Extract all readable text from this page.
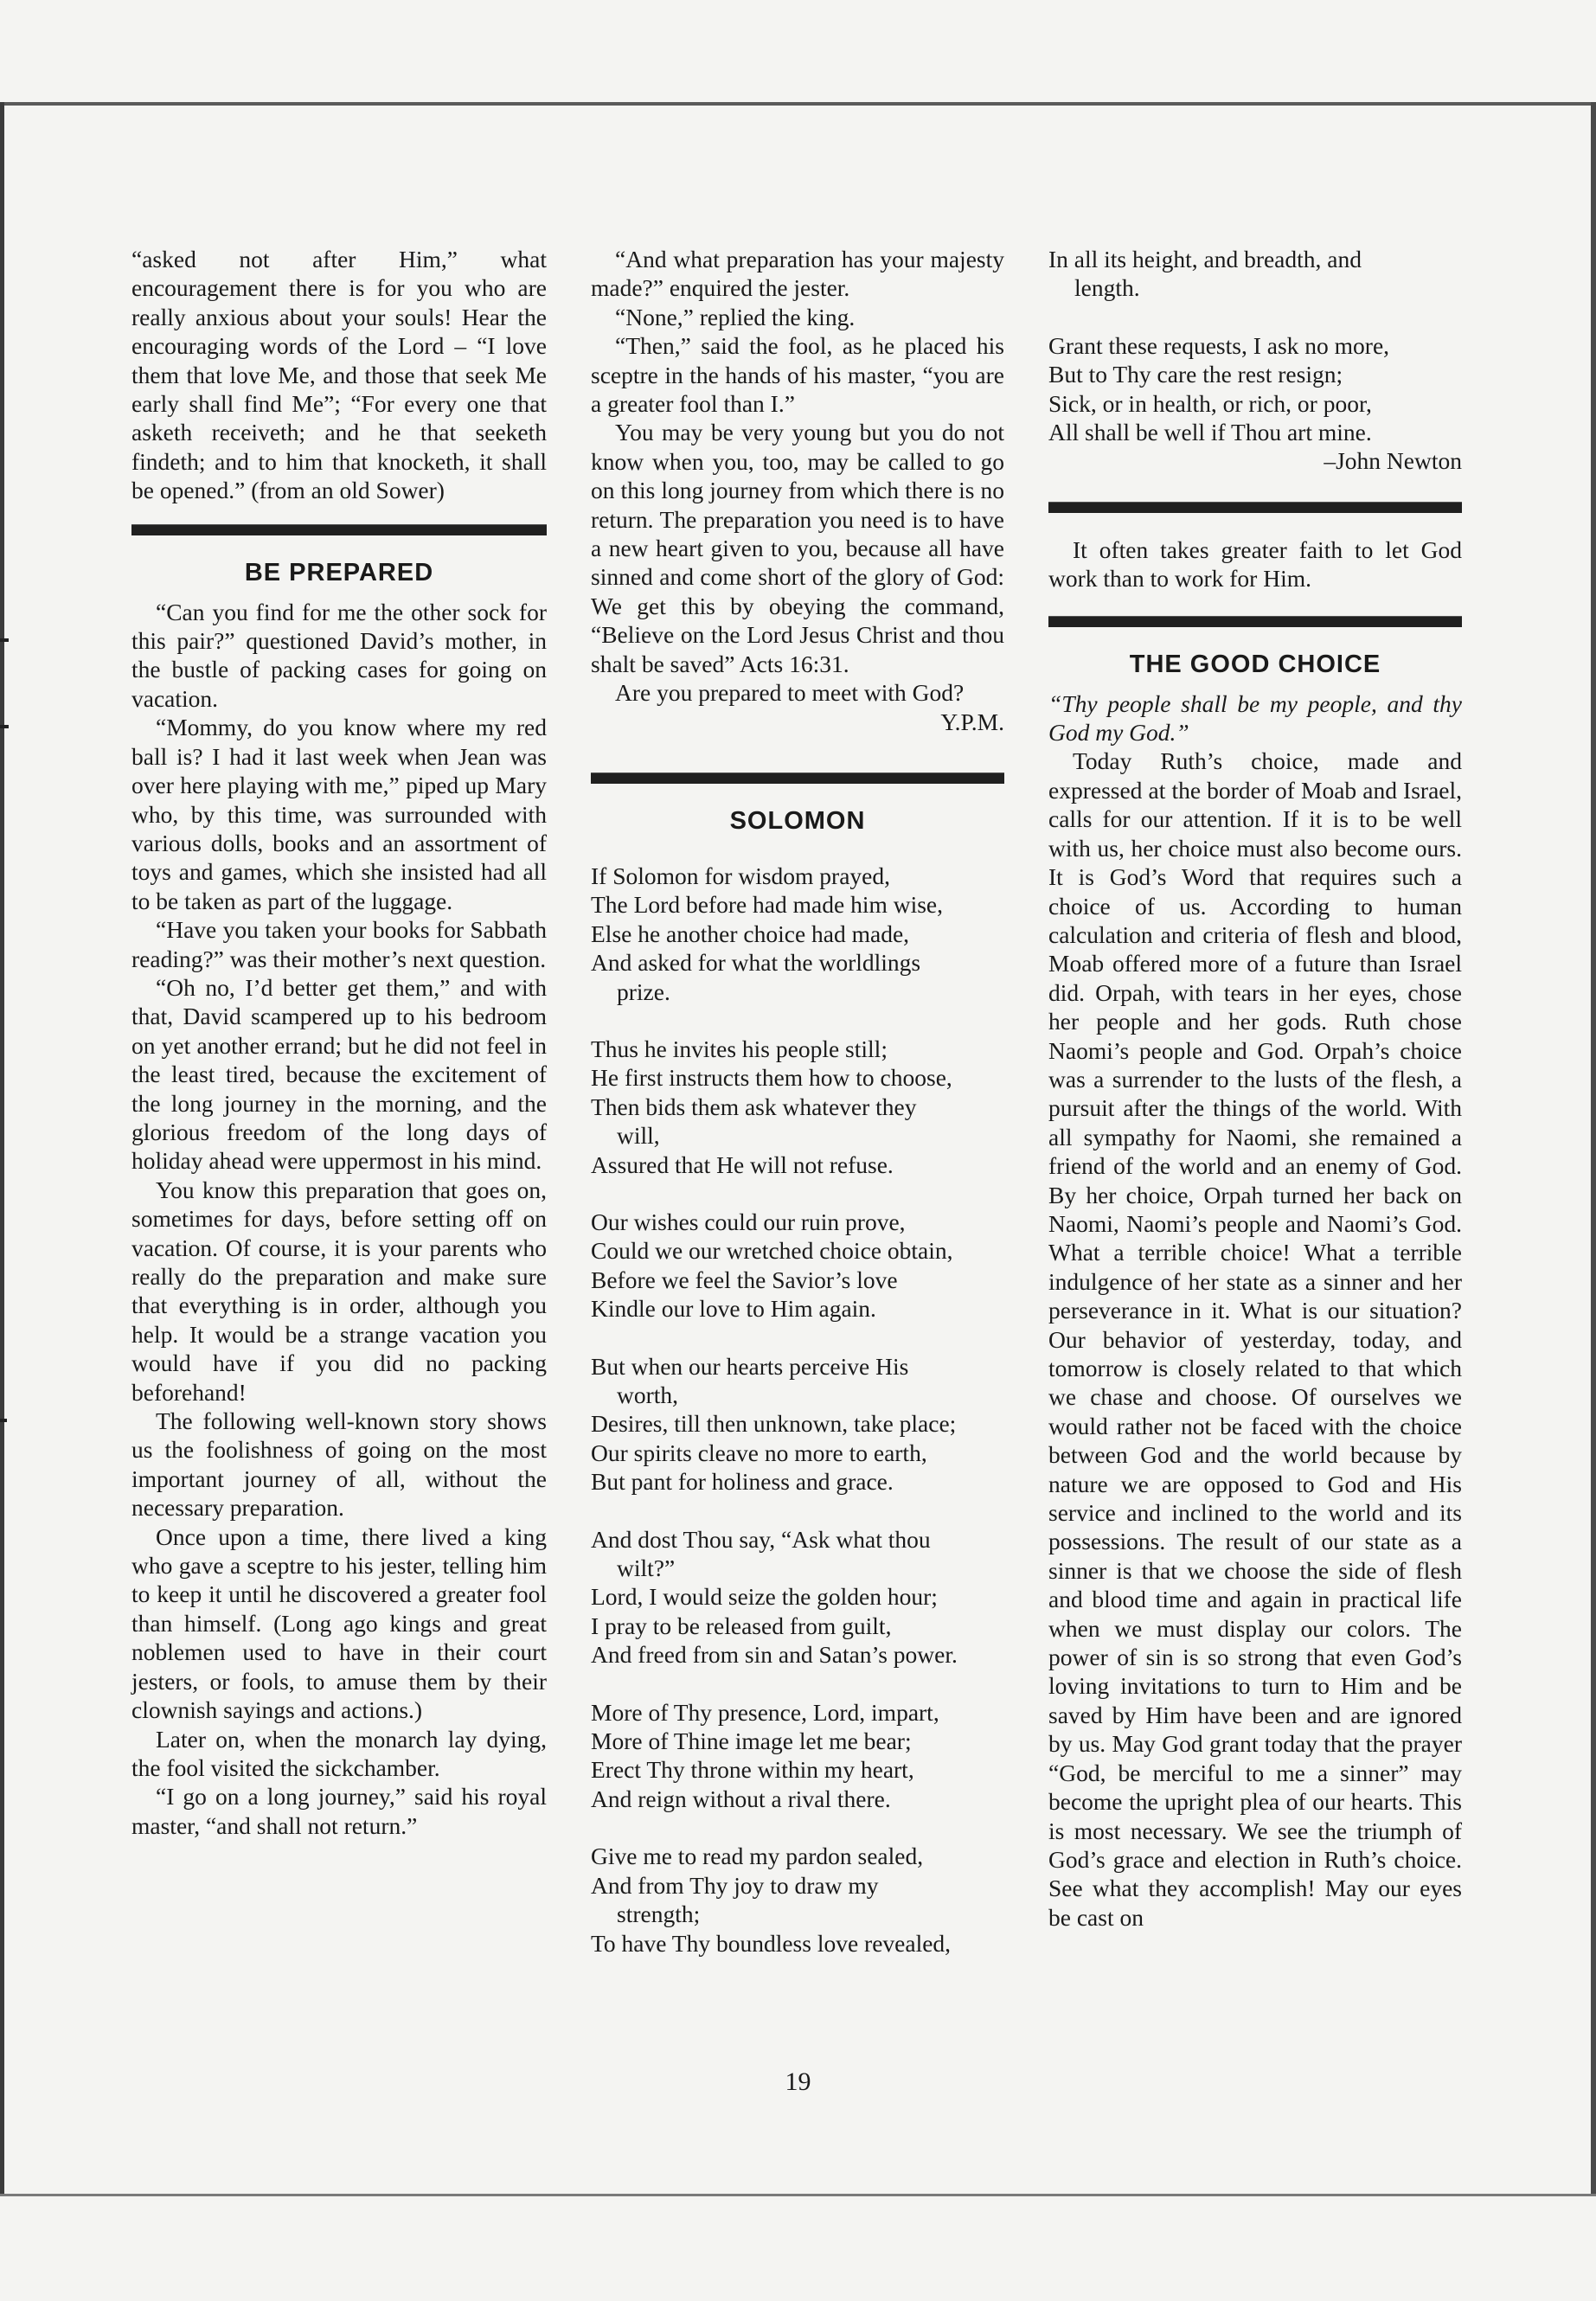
“asked not after Him,” what encouragement there is for you who are really anxious about your souls! Hear the encouraging words of the Lord – “I love them that love Me, and those that seek Me early shall find Me”; “For every one that asketh receiveth; and he that seeketh findeth; and to him that knocketh, it shall be opened.” (from an old Sower)

BE PREPARED

“Can you find for me the other sock for this pair?” questioned David’s mother, in the bustle of packing cases for going on vacation.

“Mommy, do you know where my red ball is? I had it last week when Jean was over here playing with me,” piped up Mary who, by this time, was surrounded with various dolls, books and an assortment of toys and games, which she insisted had all to be taken as part of the luggage.

“Have you taken your books for Sabbath reading?” was their mother’s next question.

“Oh no, I’d better get them,” and with that, David scampered up to his bedroom on yet another errand; but he did not feel in the least tired, because the excitement of the long journey in the morning, and the glorious freedom of the long days of holiday ahead were uppermost in his mind.

You know this preparation that goes on, sometimes for days, before setting off on vacation. Of course, it is your parents who really do the preparation and make sure that everything is in order, although you help. It would be a strange vacation you would have if you did no packing beforehand!

The following well-known story shows us the foolishness of going on the most important journey of all, without the necessary preparation.

Once upon a time, there lived a king who gave a sceptre to his jester, telling him to keep it until he discovered a greater fool than himself. (Long ago kings and great noblemen used to have in their court jesters, or fools, to amuse them by their clownish sayings and actions.)

Later on, when the monarch lay dying, the fool visited the sickchamber.

“I go on a long journey,” said his royal master, “and shall not return.”

“And what preparation has your majesty made?” enquired the jester.

“None,” replied the king.

“Then,” said the fool, as he placed his sceptre in the hands of his master, “you are a greater fool than I.”

You may be very young but you do not know when you, too, may be called to go on this long journey from which there is no return. The preparation you need is to have a new heart given to you, because all have sinned and come short of the glory of God: We get this by obeying the command, “Believe on the Lord Jesus Christ and thou shalt be saved” Acts 16:31.

Are you prepared to meet with God?

Y.P.M.

SOLOMON

If Solomon for wisdom prayed,

The Lord before had made him wise,

Else he another choice had made,

And asked for what the worldlings

prize.

Thus he invites his people still;

He first instructs them how to choose,

Then bids them ask whatever they

will,

Assured that He will not refuse.

Our wishes could our ruin prove,

Could we our wretched choice obtain,

Before we feel the Savior’s love

Kindle our love to Him again.

But when our hearts perceive His

worth,

Desires, till then unknown, take place;

Our spirits cleave no more to earth,

But pant for holiness and grace.

And dost Thou say, “Ask what thou

wilt?”

Lord, I would seize the golden hour;

I pray to be released from guilt,

And freed from sin and Satan’s power.

More of Thy presence, Lord, impart,

More of Thine image let me bear;

Erect Thy throne within my heart,

And reign without a rival there.

Give me to read my pardon sealed,

And from Thy joy to draw my

strength;

To have Thy boundless love revealed,

In all its height, and breadth, and

length.

Grant these requests, I ask no more,

But to Thy care the rest resign;

Sick, or in health, or rich, or poor,

All shall be well if Thou art mine.

–John Newton

It often takes greater faith to let God work than to work for Him.

THE GOOD CHOICE

“Thy people shall be my people, and thy God my God.”

Today Ruth’s choice, made and expressed at the border of Moab and Israel, calls for our attention. If it is to be well with us, her choice must also become ours. It is God’s Word that requires such a choice of us. According to human calculation and criteria of flesh and blood, Moab offered more of a future than Israel did. Orpah, with tears in her eyes, chose her people and her gods. Ruth chose Naomi’s people and God. Orpah’s choice was a surrender to the lusts of the flesh, a pursuit after the things of the world. With all sympathy for Naomi, she remained a friend of the world and an enemy of God. By her choice, Orpah turned her back on Naomi, Naomi’s people and Naomi’s God. What a terrible choice! What a terrible indulgence of her state as a sinner and her perseverance in it. What is our situation? Our behavior of yesterday, today, and tomorrow is closely related to that which we chase and choose. Of ourselves we would rather not be faced with the choice between God and the world because by nature we are opposed to God and His service and inclined to the world and its possessions. The result of our state as a sinner is that we choose the side of flesh and blood time and again in practical life when we must display our colors. The power of sin is so strong that even God’s loving invitations to turn to Him and be saved by Him have been and are ignored by us. May God grant today that the prayer “God, be merciful to me a sinner” may become the upright plea of our hearts. This is most necessary. We see the triumph of God’s grace and election in Ruth’s choice. See what they accomplish! May our eyes be cast on

19
